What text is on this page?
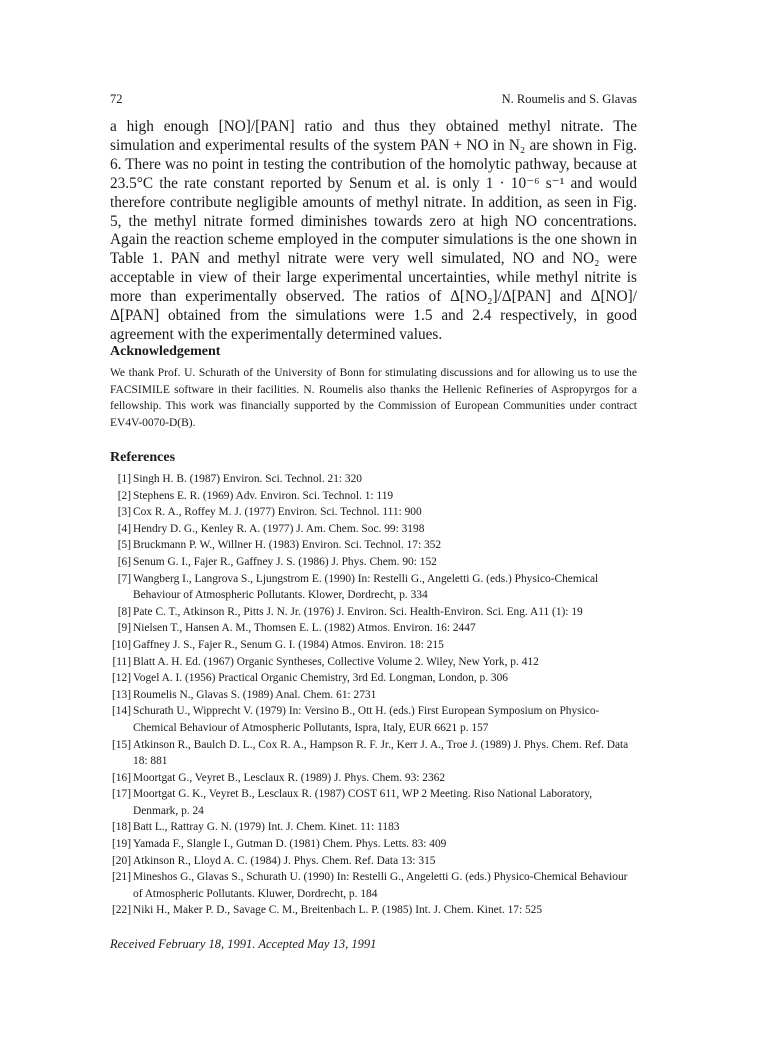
72	N. Roumelis and S. Glavas

a high enough [NO]/[PAN] ratio and thus they obtained methyl nitrate. The simulation and experimental results of the system PAN + NO in N₂ are shown in Fig. 6. There was no point in testing the contribution of the homolytic pathway, because at 23.5°C the rate constant reported by Senum et al. is only 1 · 10⁻⁶ s⁻¹ and would therefore contribute negligible amounts of methyl nitrate. In addition, as seen in Fig. 5, the methyl nitrate formed diminishes towards zero at high NO concentrations. Again the reaction scheme employed in the computer simulations is the one shown in Table 1. PAN and methyl nitrate were very well simulated, NO and NO₂ were acceptable in view of their large experimental uncertainties, while methyl nitrite is more than experimentally observed. The ratios of Δ[NO₂]/Δ[PAN] and Δ[NO]/Δ[PAN] obtained from the simulations were 1.5 and 2.4 respectively, in good agreement with the experimentally determined values.

Acknowledgement

We thank Prof. U. Schurath of the University of Bonn for stimulating discussions and for allowing us to use the FACSIMILE software in their facilities. N. Roumelis also thanks the Hellenic Refineries of Aspropyrgos for a fellowship. This work was financially supported by the Commission of European Communities under contract EV4V-0070-D(B).

References
[1] Singh H. B. (1987) Environ. Sci. Technol. 21: 320
[2] Stephens E. R. (1969) Adv. Environ. Sci. Technol. 1: 119
[3] Cox R. A., Roffey M. J. (1977) Environ. Sci. Technol. 111: 900
[4] Hendry D. G., Kenley R. A. (1977) J. Am. Chem. Soc. 99: 3198
[5] Bruckmann P. W., Willner H. (1983) Environ. Sci. Technol. 17: 352
[6] Senum G. I., Fajer R., Gaffney J. S. (1986) J. Phys. Chem. 90: 152
[7] Wangberg I., Langrova S., Ljungstrom E. (1990) In: Restelli G., Angeletti G. (eds.) Physico-Chemical Behaviour of Atmospheric Pollutants. Klower, Dordrecht, p. 334
[8] Pate C. T., Atkinson R., Pitts J. N. Jr. (1976) J. Environ. Sci. Health-Environ. Sci. Eng. A11 (1): 19
[9] Nielsen T., Hansen A. M., Thomsen E. L. (1982) Atmos. Environ. 16: 2447
[10] Gaffney J. S., Fajer R., Senum G. I. (1984) Atmos. Environ. 18: 215
[11] Blatt A. H. Ed. (1967) Organic Syntheses, Collective Volume 2. Wiley, New York, p. 412
[12] Vogel A. I. (1956) Practical Organic Chemistry, 3rd Ed. Longman, London, p. 306
[13] Roumelis N., Glavas S. (1989) Anal. Chem. 61: 2731
[14] Schurath U., Wipprecht V. (1979) In: Versino B., Ott H. (eds.) First European Symposium on Physico-Chemical Behaviour of Atmospheric Pollutants, Ispra, Italy, EUR 6621 p. 157
[15] Atkinson R., Baulch D. L., Cox R. A., Hampson R. F. Jr., Kerr J. A., Troe J. (1989) J. Phys. Chem. Ref. Data 18: 881
[16] Moortgat G., Veyret B., Lesclaux R. (1989) J. Phys. Chem. 93: 2362
[17] Moortgat G. K., Veyret B., Lesclaux R. (1987) COST 611, WP 2 Meeting. Riso National Laboratory, Denmark, p. 24
[18] Batt L., Rattray G. N. (1979) Int. J. Chem. Kinet. 11: 1183
[19] Yamada F., Slangle I., Gutman D. (1981) Chem. Phys. Letts. 83: 409
[20] Atkinson R., Lloyd A. C. (1984) J. Phys. Chem. Ref. Data 13: 315
[21] Mineshos G., Glavas S., Schurath U. (1990) In: Restelli G., Angeletti G. (eds.) Physico-Chemical Behaviour of Atmospheric Pollutants. Kluwer, Dordrecht, p. 184
[22] Niki H., Maker P. D., Savage C. M., Breitenbach L. P. (1985) Int. J. Chem. Kinet. 17: 525

Received February 18, 1991. Accepted May 13, 1991
